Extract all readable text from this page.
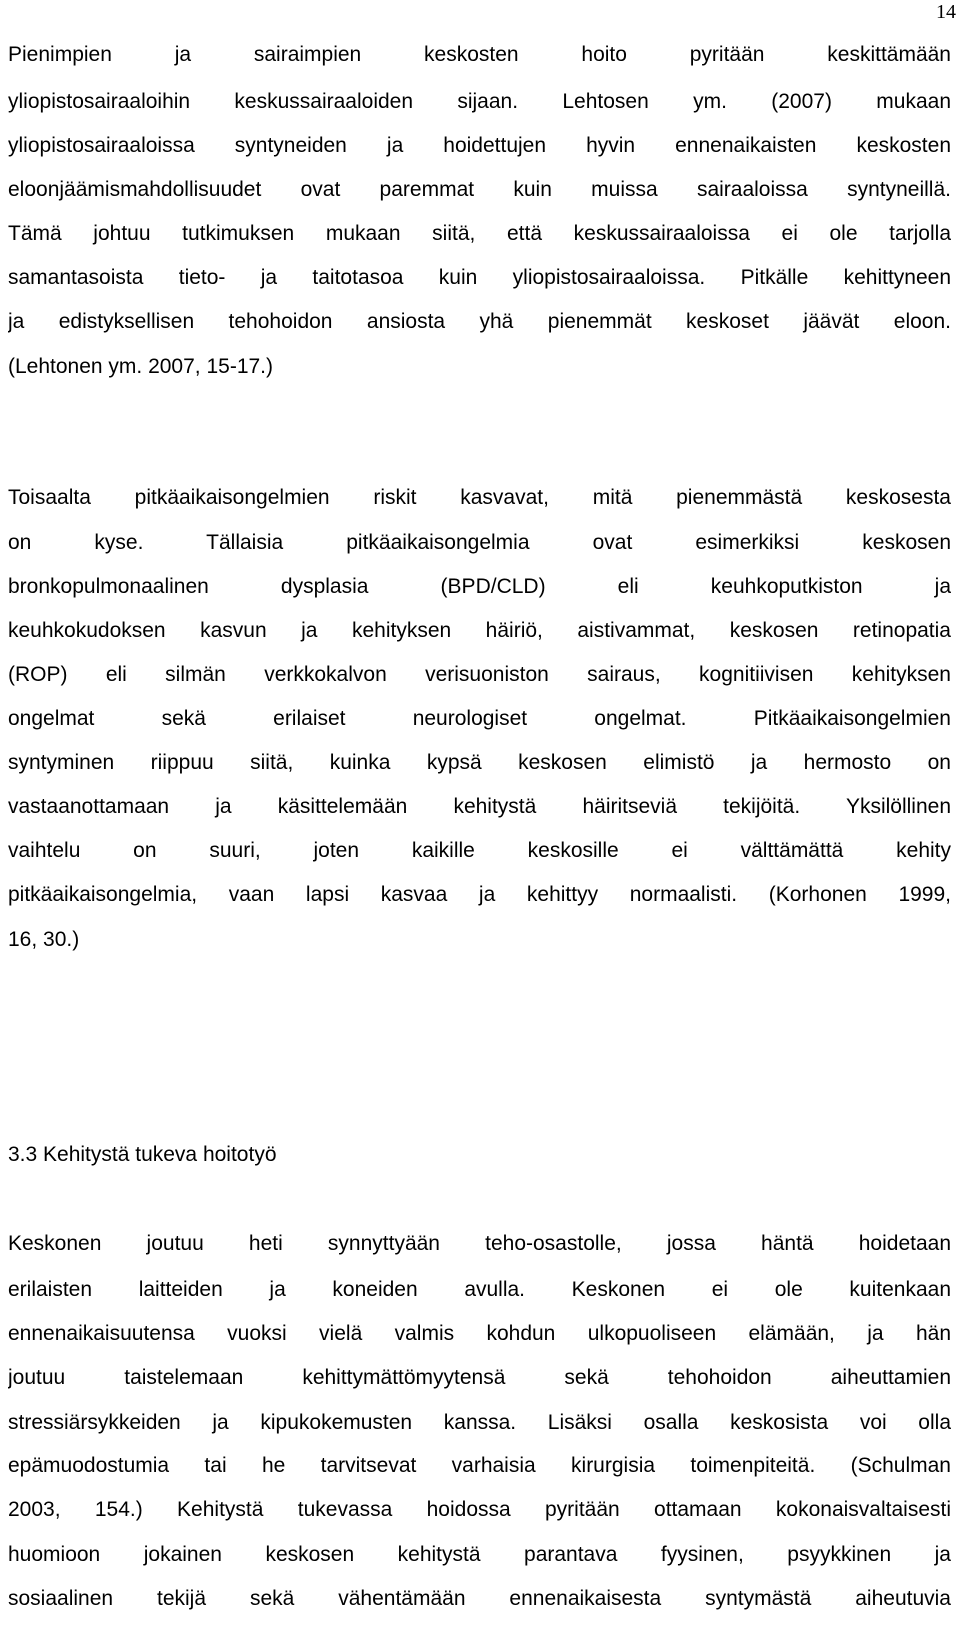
14
Pienimpien ja sairaimpien keskosten hoito pyritään keskittämään
yliopistosairaaloihin keskussairaaloiden sijaan. Lehtosen ym. (2007) mukaan
yliopistosairaaloissa syntyneiden ja hoidettujen hyvin ennenaikaisten keskosten
eloonjäämismahdollisuudet ovat paremmat kuin muissa sairaaloissa syntyneillä.
Tämä johtuu tutkimuksen mukaan siitä, että keskussairaaloissa ei ole tarjolla
samantasoista tieto- ja taitotasoa kuin yliopistosairaaloissa. Pitkälle kehittyneen
ja edistyksellisen tehohoidon ansiosta yhä pienemmät keskoset jäävät eloon.
(Lehtonen ym. 2007, 15-17.)
Toisaalta pitkäaikaisongelmien riskit kasvavat, mitä pienemmästä keskosesta
on kyse. Tällaisia pitkäaikaisongelmia ovat esimerkiksi keskosen
bronkopulmonaalinen dysplasia (BPD/CLD) eli keuhkoputkiston ja
keuhkokudoksen kasvun ja kehityksen häiriö, aistivammat, keskosen retinopatia
(ROP) eli silmän verkkokalvon verisuoniston sairaus, kognitiivisen kehityksen
ongelmat sekä erilaiset neurologiset ongelmat. Pitkäaikaisongelmien
syntyminen riippuu siitä, kuinka kypsä keskosen elimistö ja hermosto on
vastaanottamaan ja käsittelemään kehitystä häiritseviä tekijöitä. Yksilöllinen
vaihtelu on suuri, joten kaikille keskosille ei välttämättä kehity
pitkäaikaisongelmia, vaan lapsi kasvaa ja kehittyy normaalisti. (Korhonen 1999,
16, 30.)
3.3 Kehitystä tukeva hoitotyö
Keskonen joutuu heti synnyttyään teho-osastolle, jossa häntä hoidetaan
erilaisten laitteiden ja koneiden avulla. Keskonen ei ole kuitenkaan
ennenaikaisuutensa vuoksi vielä valmis kohdun ulkopuoliseen elämään, ja hän
joutuu taistelemaan kehittymättömyytensä sekä tehohoidon aiheuttamien
stressiärsykkeiden ja kipukokemusten kanssa. Lisäksi osalla keskosista voi olla
epämuodostumia tai he tarvitsevat varhaisia kirurgisia toimenpiteitä. (Schulman
2003, 154.) Kehitystä tukevassa hoidossa pyritään ottamaan kokonaisvaltaisesti
huomioon jokainen keskosen kehitystä parantava fyysinen, psyykkinen ja
sosiaalinen tekijä sekä vähentämään ennenaikaisesta syntymästä aiheutuvia
